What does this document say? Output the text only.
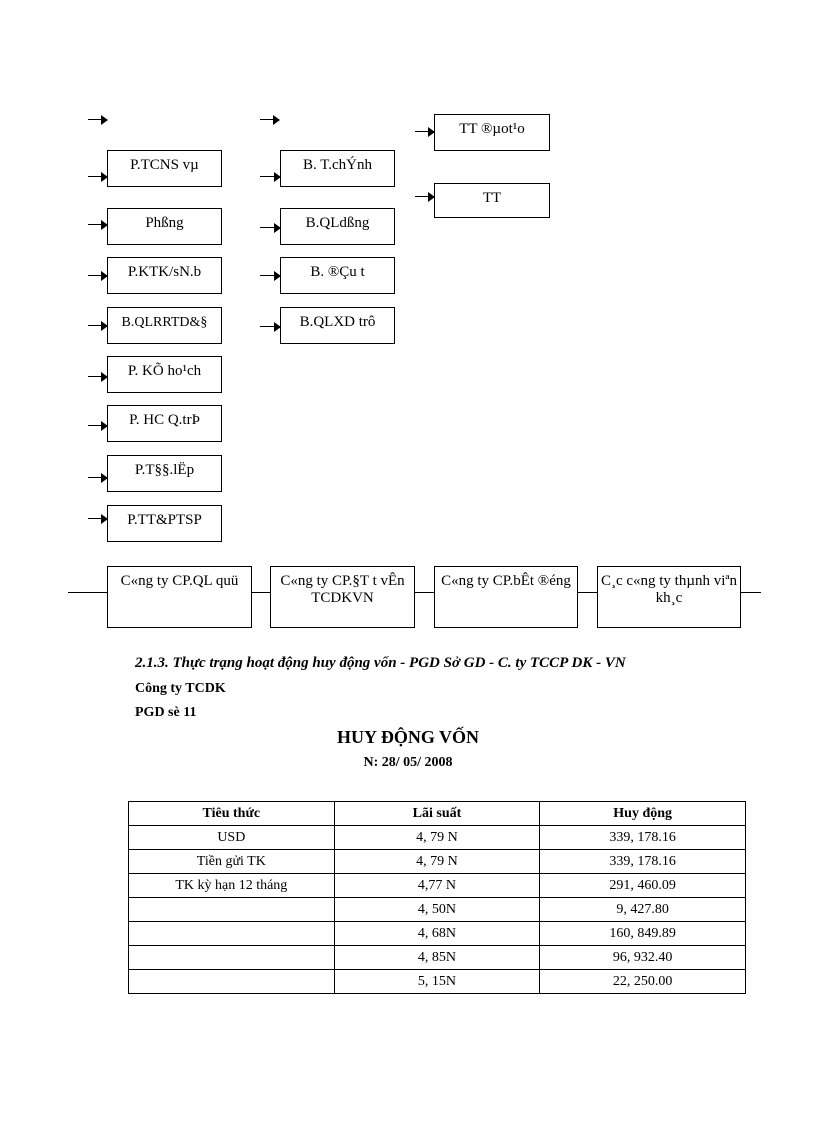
P.TCNS vµ
Phßng
P.KTK/sN.b
B.QLRRTD&§
P. KÕ ho¹ch
P. HC Q.trÞ
P.T§§.lËp
P.TT&PTSP
B. T.chÝnh
B.QLdßng
B. ®Çu t
B.QLXD trô
TT ®µot¹o
TT
C«ng ty CP.QL quü	C«ng ty CP.§T t vÊn TCDKVN
C«ng ty CP.bÊt ®éng	C¸c c«ng ty thµnh viªn kh¸c
2.1.3. Thực trạng hoạt động huy động vốn - PGD Sở GD - C. ty TCCP DK - VN
Công ty TCDK
PGD sè 11
HUY ĐỘNG VỐN
N: 28/ 05/ 2008
Tiêu thức	Lãi suất	Huy động
USD	4, 79 N	339, 178.16
Tiền gửi TK	4, 79 N	339, 178.16
TK kỳ hạn 12 tháng	4,77 N	291, 460.09
	4, 50N	9, 427.80
	4, 68N	160, 849.89
	4, 85N	96, 932.40
	5, 15N	22, 250.00
